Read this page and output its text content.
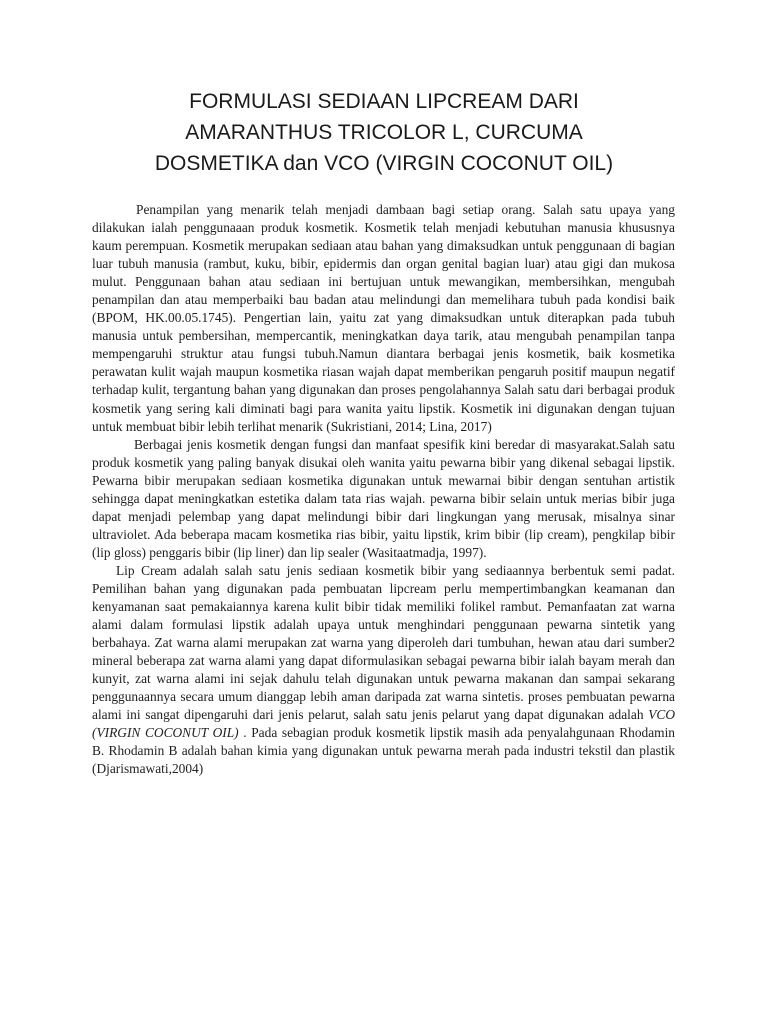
FORMULASI SEDIAAN LIPCREAM DARI
AMARANTHUS TRICOLOR L, CURCUMA
DOSMETIKA dan VCO (VIRGIN COCONUT OIL)

Penampilan yang menarik telah menjadi dambaan bagi setiap orang. Salah satu upaya yang dilakukan ialah penggunaaan produk kosmetik. Kosmetik telah menjadi kebutuhan manusia khususnya kaum perempuan. Kosmetik merupakan sediaan atau bahan yang dimaksudkan untuk penggunaan di bagian luar tubuh manusia (rambut, kuku, bibir, epidermis dan organ genital bagian luar) atau gigi dan mukosa mulut. Penggunaan bahan atau sediaan ini bertujuan untuk mewangikan, membersihkan, mengubah penampilan dan atau memperbaiki bau badan atau melindungi dan memelihara tubuh pada kondisi baik (BPOM, HK.00.05.1745). Pengertian lain, yaitu zat yang dimaksudkan untuk diterapkan pada tubuh manusia untuk pembersihan, mempercantik, meningkatkan daya tarik, atau mengubah penampilan tanpa mempengaruhi struktur atau fungsi tubuh.Namun diantara berbagai jenis kosmetik, baik kosmetika perawatan kulit wajah maupun kosmetika riasan wajah dapat memberikan pengaruh positif maupun negatif terhadap kulit, tergantung bahan yang digunakan dan proses pengolahannya Salah satu dari berbagai produk kosmetik yang sering kali diminati bagi para wanita yaitu lipstik. Kosmetik ini digunakan dengan tujuan untuk membuat bibir lebih terlihat menarik (Sukristiani, 2014; Lina, 2017)

Berbagai jenis kosmetik dengan fungsi dan manfaat spesifik kini beredar di masyarakat.Salah satu produk kosmetik yang paling banyak disukai oleh wanita yaitu pewarna bibir yang dikenal sebagai lipstik. Pewarna bibir merupakan sediaan kosmetika digunakan untuk mewarnai bibir dengan sentuhan artistik sehingga dapat meningkatkan estetika dalam tata rias wajah. pewarna bibir selain untuk merias bibir juga dapat menjadi pelembap yang dapat melindungi bibir dari lingkungan yang merusak, misalnya sinar ultraviolet. Ada beberapa macam kosmetika rias bibir, yaitu lipstik, krim bibir (lip cream), pengkilap bibir (lip gloss) penggaris bibir (lip liner) dan lip sealer (Wasitaatmadja, 1997).

Lip Cream adalah salah satu jenis sediaan kosmetik bibir yang sediaannya berbentuk semi padat. Pemilihan bahan yang digunakan pada pembuatan lipcream perlu mempertimbangkan keamanan dan kenyamanan saat pemakaiannya karena kulit bibir tidak memiliki folikel rambut. Pemanfaatan zat warna alami dalam formulasi lipstik adalah upaya untuk menghindari penggunaan pewarna sintetik yang berbahaya. Zat warna alami merupakan zat warna yang diperoleh dari tumbuhan, hewan atau dari sumber2 mineral beberapa zat warna alami yang dapat diformulasikan sebagai pewarna bibir ialah bayam merah dan kunyit, zat warna alami ini sejak dahulu telah digunakan untuk pewarna makanan dan sampai sekarang penggunaannya secara umum dianggap lebih aman daripada zat warna sintetis. proses pembuatan pewarna alami ini sangat dipengaruhi dari jenis pelarut, salah satu jenis pelarut yang dapat digunakan adalah VCO (VIRGIN COCONUT OIL) . Pada sebagian produk kosmetik lipstik masih ada penyalahgunaan Rhodamin B. Rhodamin B adalah bahan kimia yang digunakan untuk pewarna merah pada industri tekstil dan plastik (Djarismawati,2004)
